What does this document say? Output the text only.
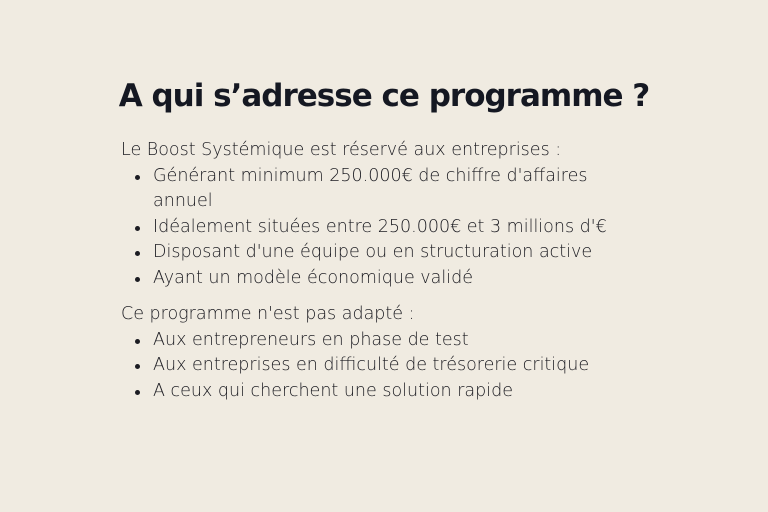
A qui s’adresse ce programme ?

Le Boost Systémique est réservé aux entreprises :

Générant minimum 250.000€ de chiffre d'affaires annuel
Idéalement situées entre 250.000€ et 3 millions d'€
Disposant d'une équipe ou en structuration active
Ayant un modèle économique validé

Ce programme n'est pas adapté :

Aux entrepreneurs en phase de test
Aux entreprises en difficulté de trésorerie critique
A ceux qui cherchent une solution rapide
